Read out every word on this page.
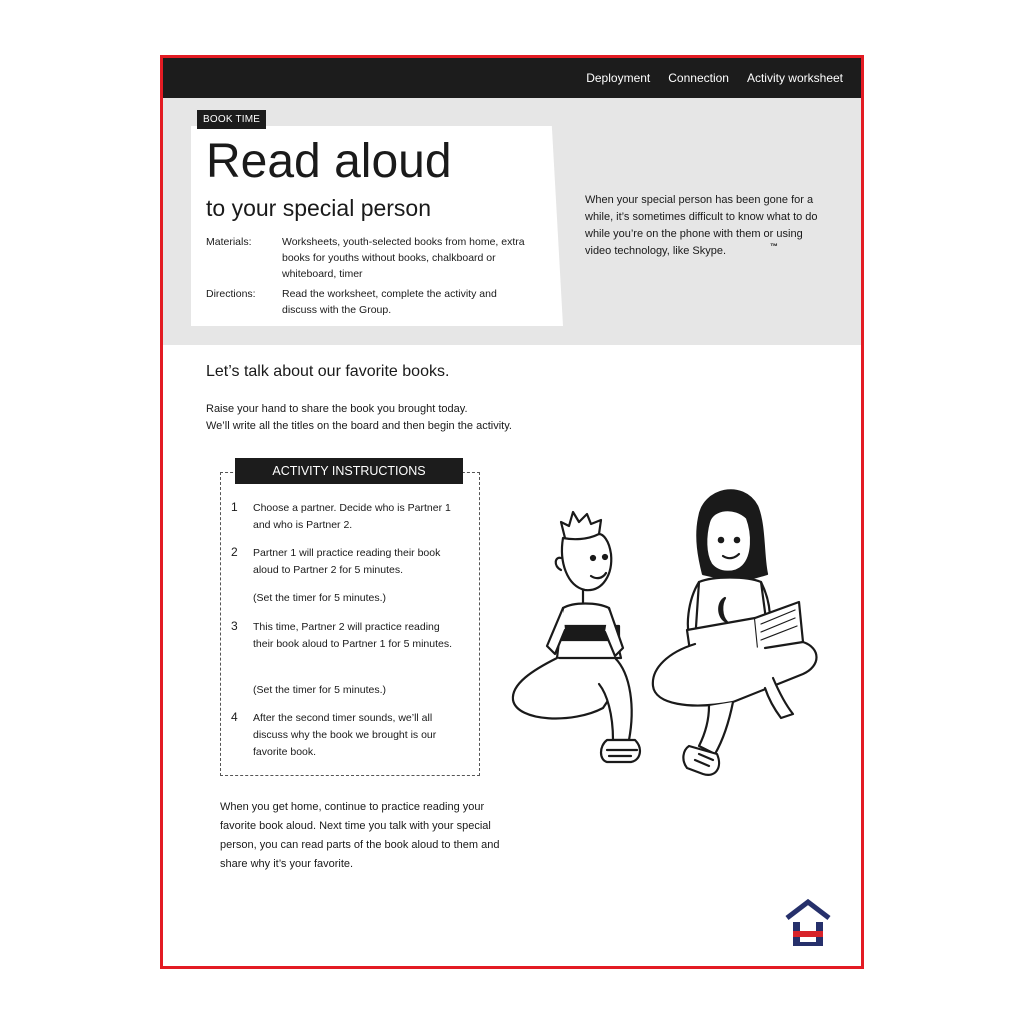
Deployment Connection Activity worksheet
BOOK TIME
Read aloud
to your special person
Materials:	Worksheets, youth-selected books from home, extra books for youths without books, chalkboard or whiteboard, timer
Directions:	Read the worksheet, complete the activity and discuss with the Group.
When your special person has been gone for a while, it’s sometimes difficult to know what to do while you’re on the phone with them or using video technology, like Skype.	™
Let’s talk about our favorite books.
Raise your hand to share the book you brought today.
We’ll write all the titles on the board and then begin the activity.
ACTIVITY INSTRUCTIONS
1 Choose a partner. Decide who is Partner 1 and who is Partner 2.
2 Partner 1 will practice reading their book aloud to Partner 2 for 5 minutes.
(Set the timer for 5 minutes.)
3 This time, Partner 2 will practice reading their book aloud to Partner 1 for 5 minutes.
(Set the timer for 5 minutes.)
4 After the second timer sounds, we’ll all discuss why the book we brought is our favorite book.
When you get home, continue to practice reading your favorite book aloud. Next time you talk with your special person, you can read parts of the book aloud to them and share why it’s your favorite.
